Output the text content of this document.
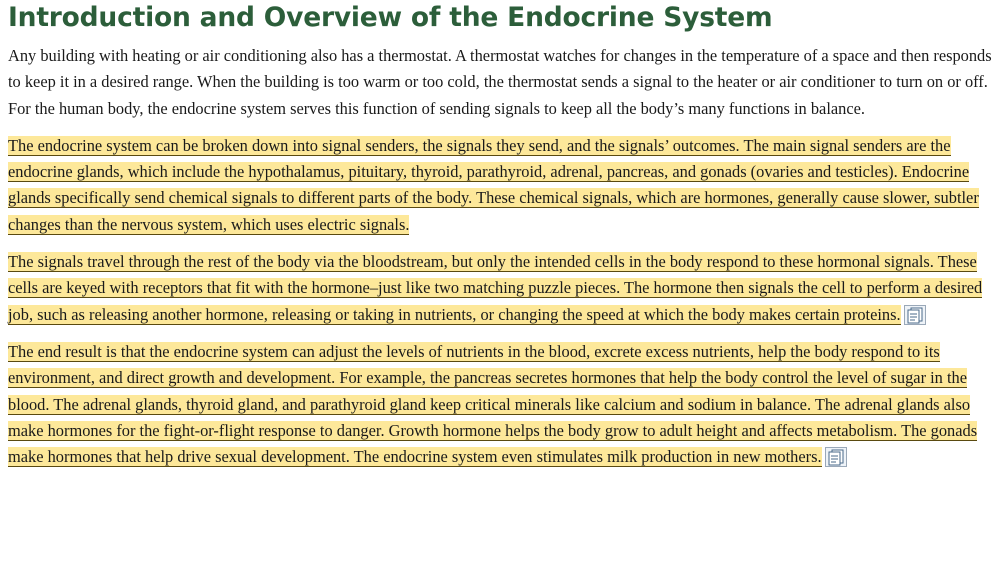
Introduction and Overview of the Endocrine System

Any building with heating or air conditioning also has a thermostat. A thermostat watches for changes in the temperature of a space and then responds to keep it in a desired range. When the building is too warm or too cold, the thermostat sends a signal to the heater or air conditioner to turn on or off. For the human body, the endocrine system serves this function of sending signals to keep all the body’s many functions in balance.

The endocrine system can be broken down into signal senders, the signals they send, and the signals’ outcomes. The main signal senders are the endocrine glands, which include the hypothalamus, pituitary, thyroid, parathyroid, adrenal, pancreas, and gonads (ovaries and testicles). Endocrine glands specifically send chemical signals to different parts of the body. These chemical signals, which are hormones, generally cause slower, subtler changes than the nervous system, which uses electric signals.

The signals travel through the rest of the body via the bloodstream, but only the intended cells in the body respond to these hormonal signals. These cells are keyed with receptors that fit with the hormone–just like two matching puzzle pieces. The hormone then signals the cell to perform a desired job, such as releasing another hormone, releasing or taking in nutrients, or changing the speed at which the body makes certain proteins.

The end result is that the endocrine system can adjust the levels of nutrients in the blood, excrete excess nutrients, help the body respond to its environment, and direct growth and development. For example, the pancreas secretes hormones that help the body control the level of sugar in the blood. The adrenal glands, thyroid gland, and parathyroid gland keep critical minerals like calcium and sodium in balance. The adrenal glands also make hormones for the fight-or-flight response to danger. Growth hormone helps the body grow to adult height and affects metabolism. The gonads make hormones that help drive sexual development. The endocrine system even stimulates milk production in new mothers.
